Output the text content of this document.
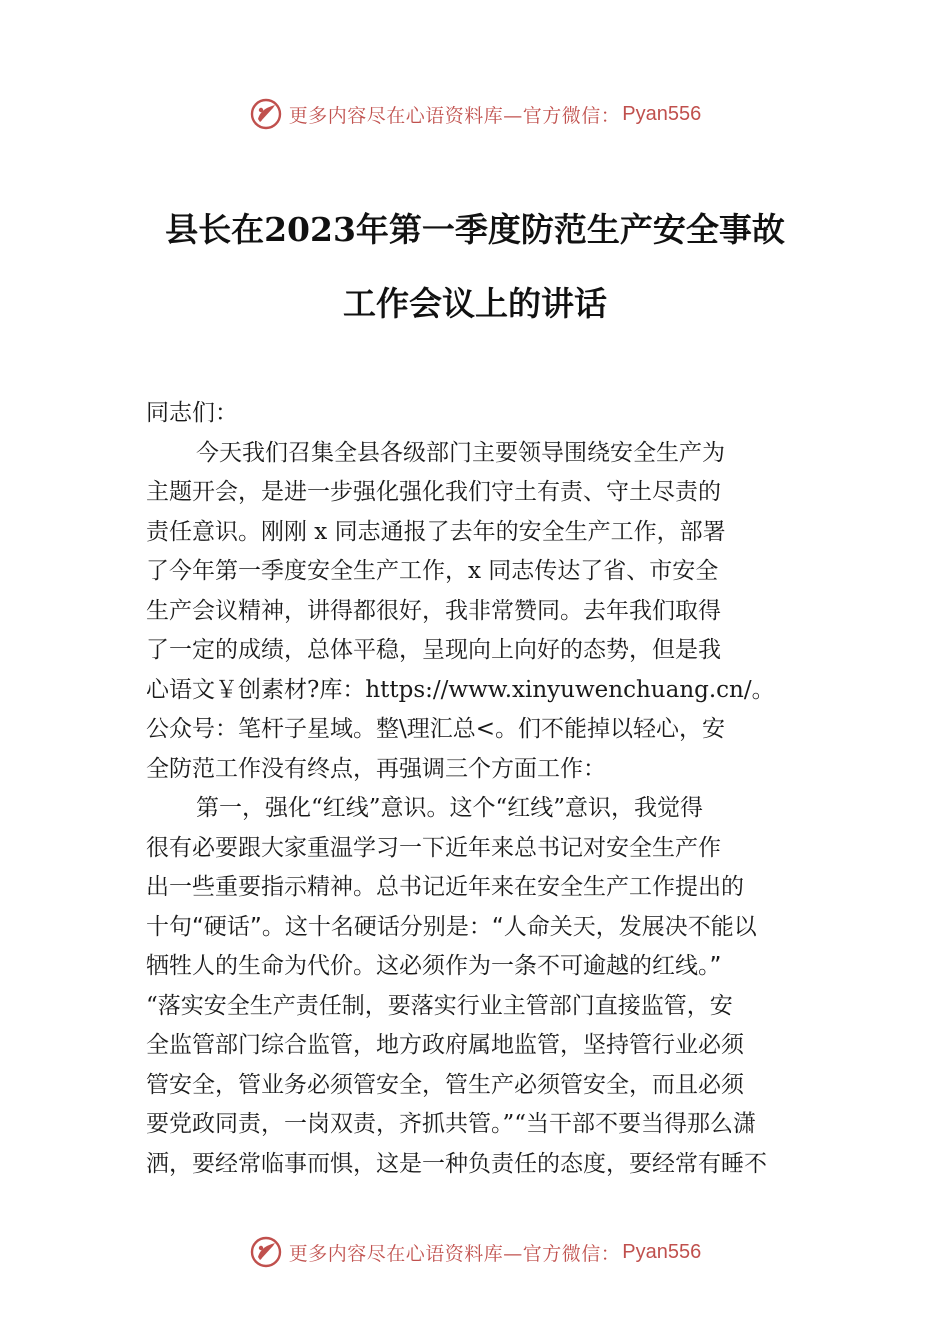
更多内容尽在心语资料库—官方微信： Pyan556
县长在2023年第一季度防范生产安全事故
工作会议上的讲话
同志们：
今天我们召集全县各级部门主要领导围绕安全生产为
主题开会，是进一步强化强化我们守土有责、守土尽责的
责任意识。刚刚 x 同志通报了去年的安全生产工作，部署
了今年第一季度安全生产工作，x 同志传达了省、市安全
生产会议精神，讲得都很好，我非常赞同。去年我们取得
了一定的成绩，总体平稳，呈现向上向好的态势，但是我
心语文￥创素材?库：https://www.xinyuwenchuang.cn/。
公众号：笔杆子星域。整\理汇总<。们不能掉以轻心，安
全防范工作没有终点，再强调三个方面工作：
第一，强化“红线”意识。这个“红线”意识，我觉得
很有必要跟大家重温学习一下近年来总书记对安全生产作
出一些重要指示精神。总书记近年来在安全生产工作提出的
十句“硬话”。这十名硬话分别是：“人命关天，发展决不能以
牺牲人的生命为代价。这必须作为一条不可逾越的红线。”
“落实安全生产责任制，要落实行业主管部门直接监管，安
全监管部门综合监管，地方政府属地监管，坚持管行业必须
管安全，管业务必须管安全，管生产必须管安全，而且必须
要党政同责，一岗双责，齐抓共管。”“当干部不要当得那么潇
洒，要经常临事而惧，这是一种负责任的态度，要经常有睡不
更多内容尽在心语资料库—官方微信： Pyan556
